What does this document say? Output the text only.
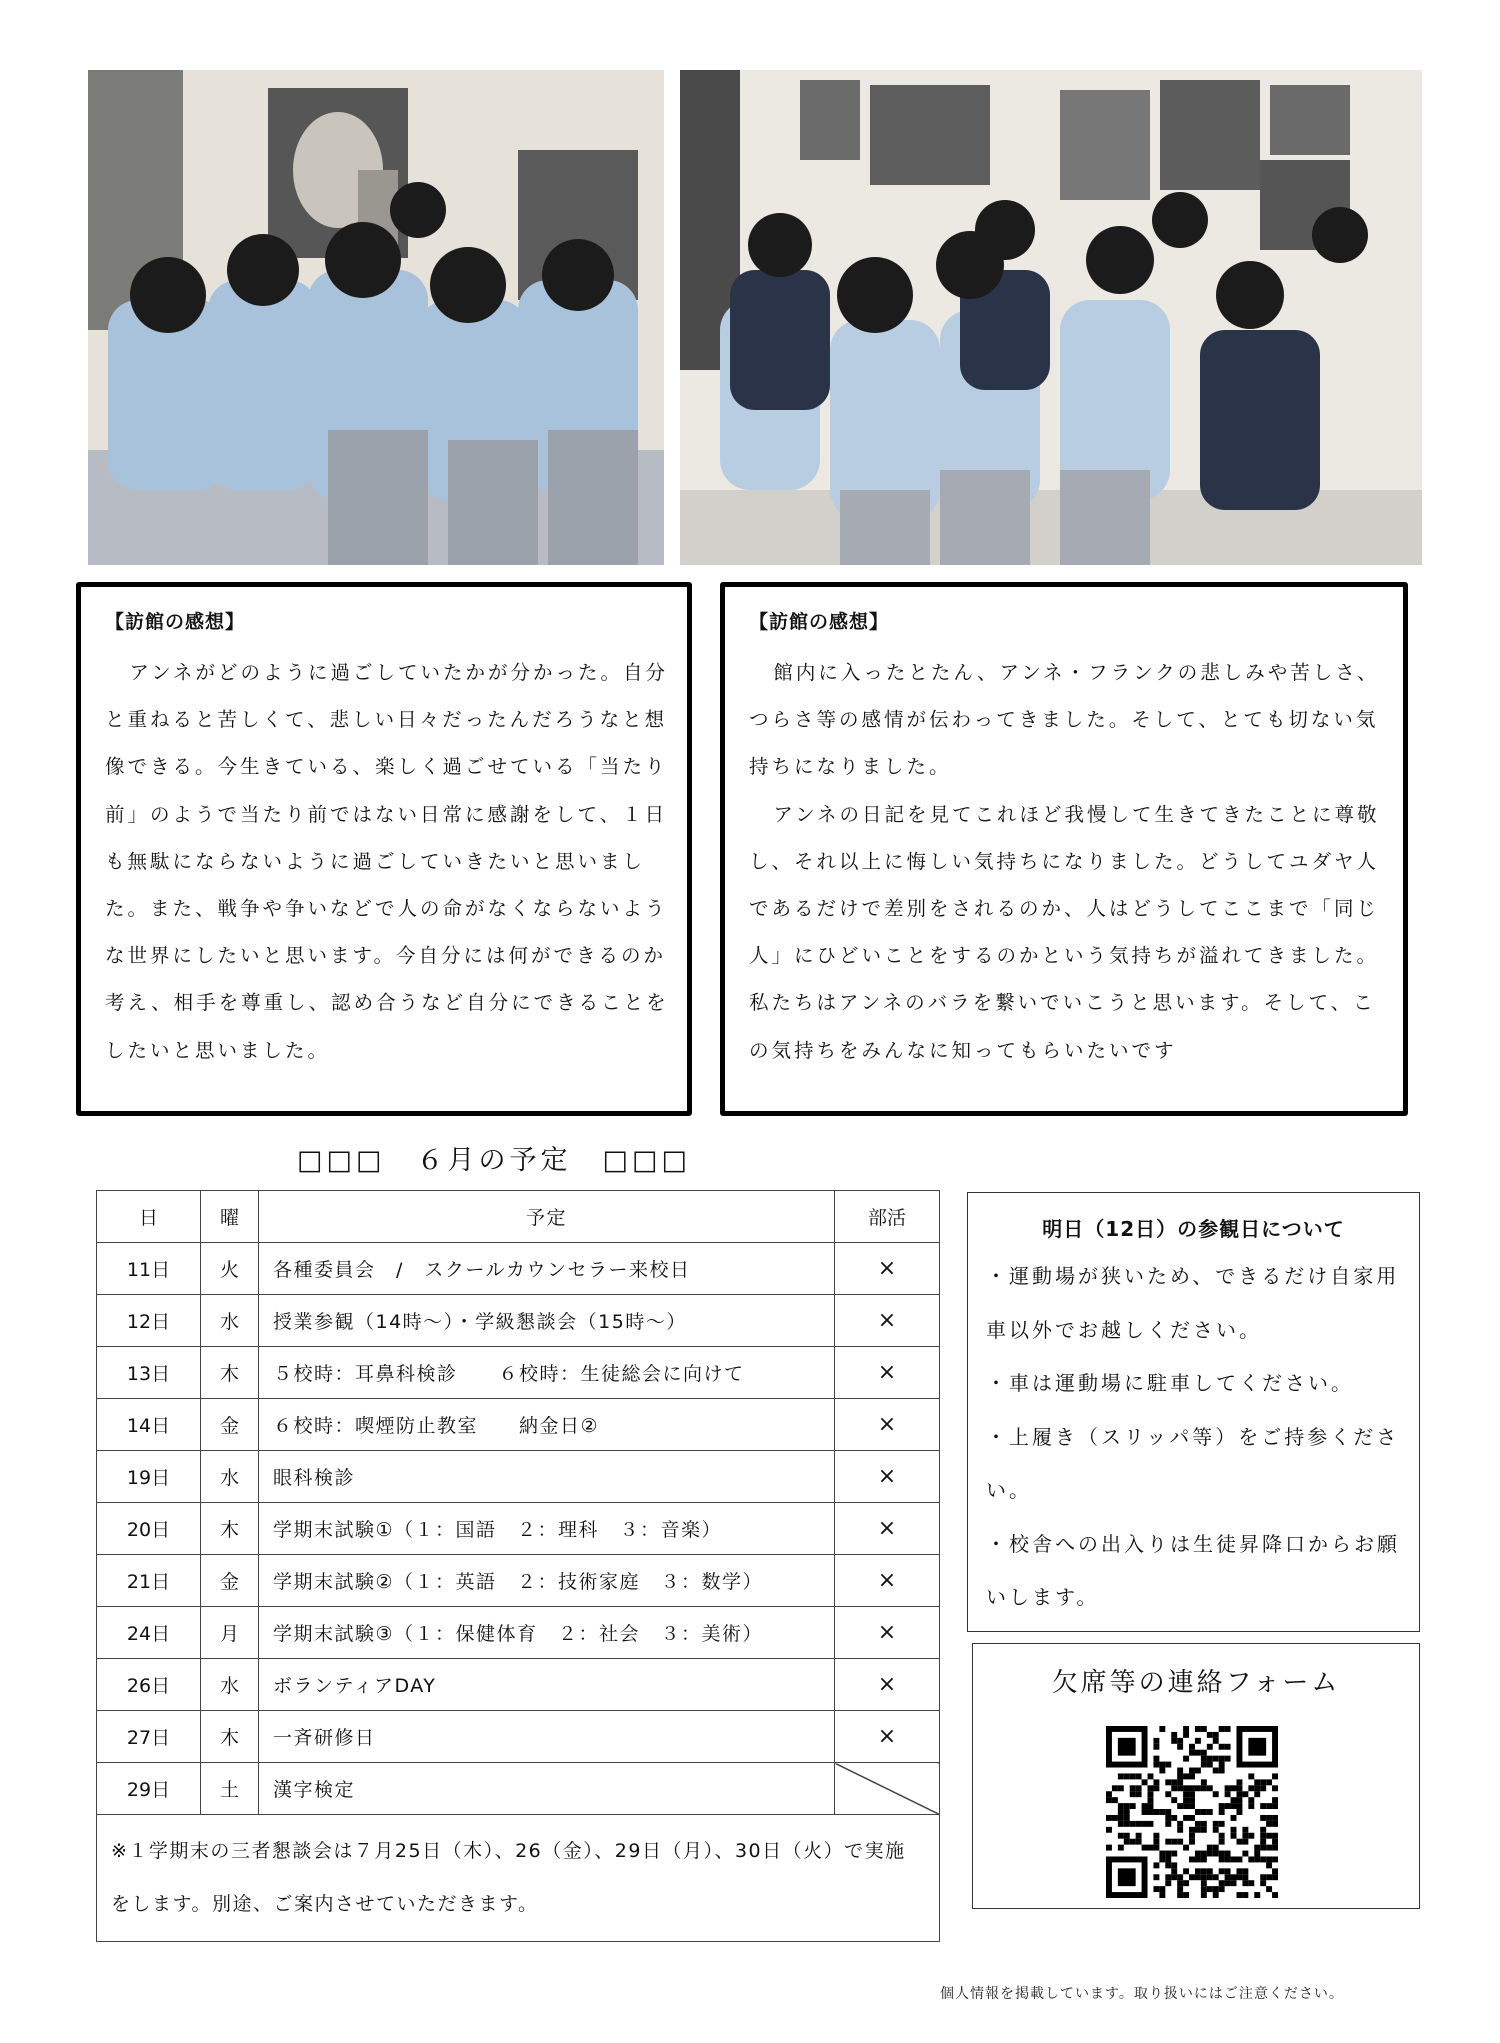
【訪館の感想】

アンネがどのように過ごしていたかが分かった。自分と重ねると苦しくて、悲しい日々だったんだろうなと想像できる。今生きている、楽しく過ごせている「当たり前」のようで当たり前ではない日常に感謝をして、１日も無駄にならないように過ごしていきたいと思いました。また、戦争や争いなどで人の命がなくならないような世界にしたいと思います。今自分には何ができるのか考え、相手を尊重し、認め合うなど自分にできることをしたいと思いました。

【訪館の感想】

館内に入ったとたん、アンネ・フランクの悲しみや苦しさ、つらさ等の感情が伝わってきました。そして、とても切ない気持ちになりました。

アンネの日記を見てこれほど我慢して生きてきたことに尊敬し、それ以上に悔しい気持ちになりました。どうしてユダヤ人であるだけで差別をされるのか、人はどうしてここまで「同じ人」にひどいことをするのかという気持ちが溢れてきました。私たちはアンネのバラを繋いでいこうと思います。そして、この気持ちをみんなに知ってもらいたいです

□□□　６月の予定　□□□
日	曜	予定	部活
11日	火	各種委員会　/　スクールカウンセラー来校日	×
12日	水	授業参観（14時～）・学級懇談会（15時～）	×
13日	木	５校時：耳鼻科検診　　６校時：生徒総会に向けて	×
14日	金	６校時：喫煙防止教室　　納金日②	×
19日	水	眼科検診	×
20日	木	学期末試験①（１：国語　２：理科　３：音楽）	×
21日	金	学期末試験②（１：英語　２：技術家庭　３：数学）	×
24日	月	学期末試験③（１：保健体育　２：社会　３：美術）	×
26日	水	ボランティアDAY	×
27日	木	一斉研修日	×
29日	土	漢字検定	
※１学期末の三者懇談会は７月25日（木）、26（金）、29日（月）、30日（火）で実施をします。別途、ご案内させていただきます。			
明日（12日）の参観日について
・運動場が狭いため、できるだけ自家用車以外でお越しください。
・車は運動場に駐車してください。
・上履き（スリッパ等）をご持参ください。
・校舎への出入りは生徒昇降口からお願いします。
欠席等の連絡フォーム
個人情報を掲載しています。取り扱いにはご注意ください。
